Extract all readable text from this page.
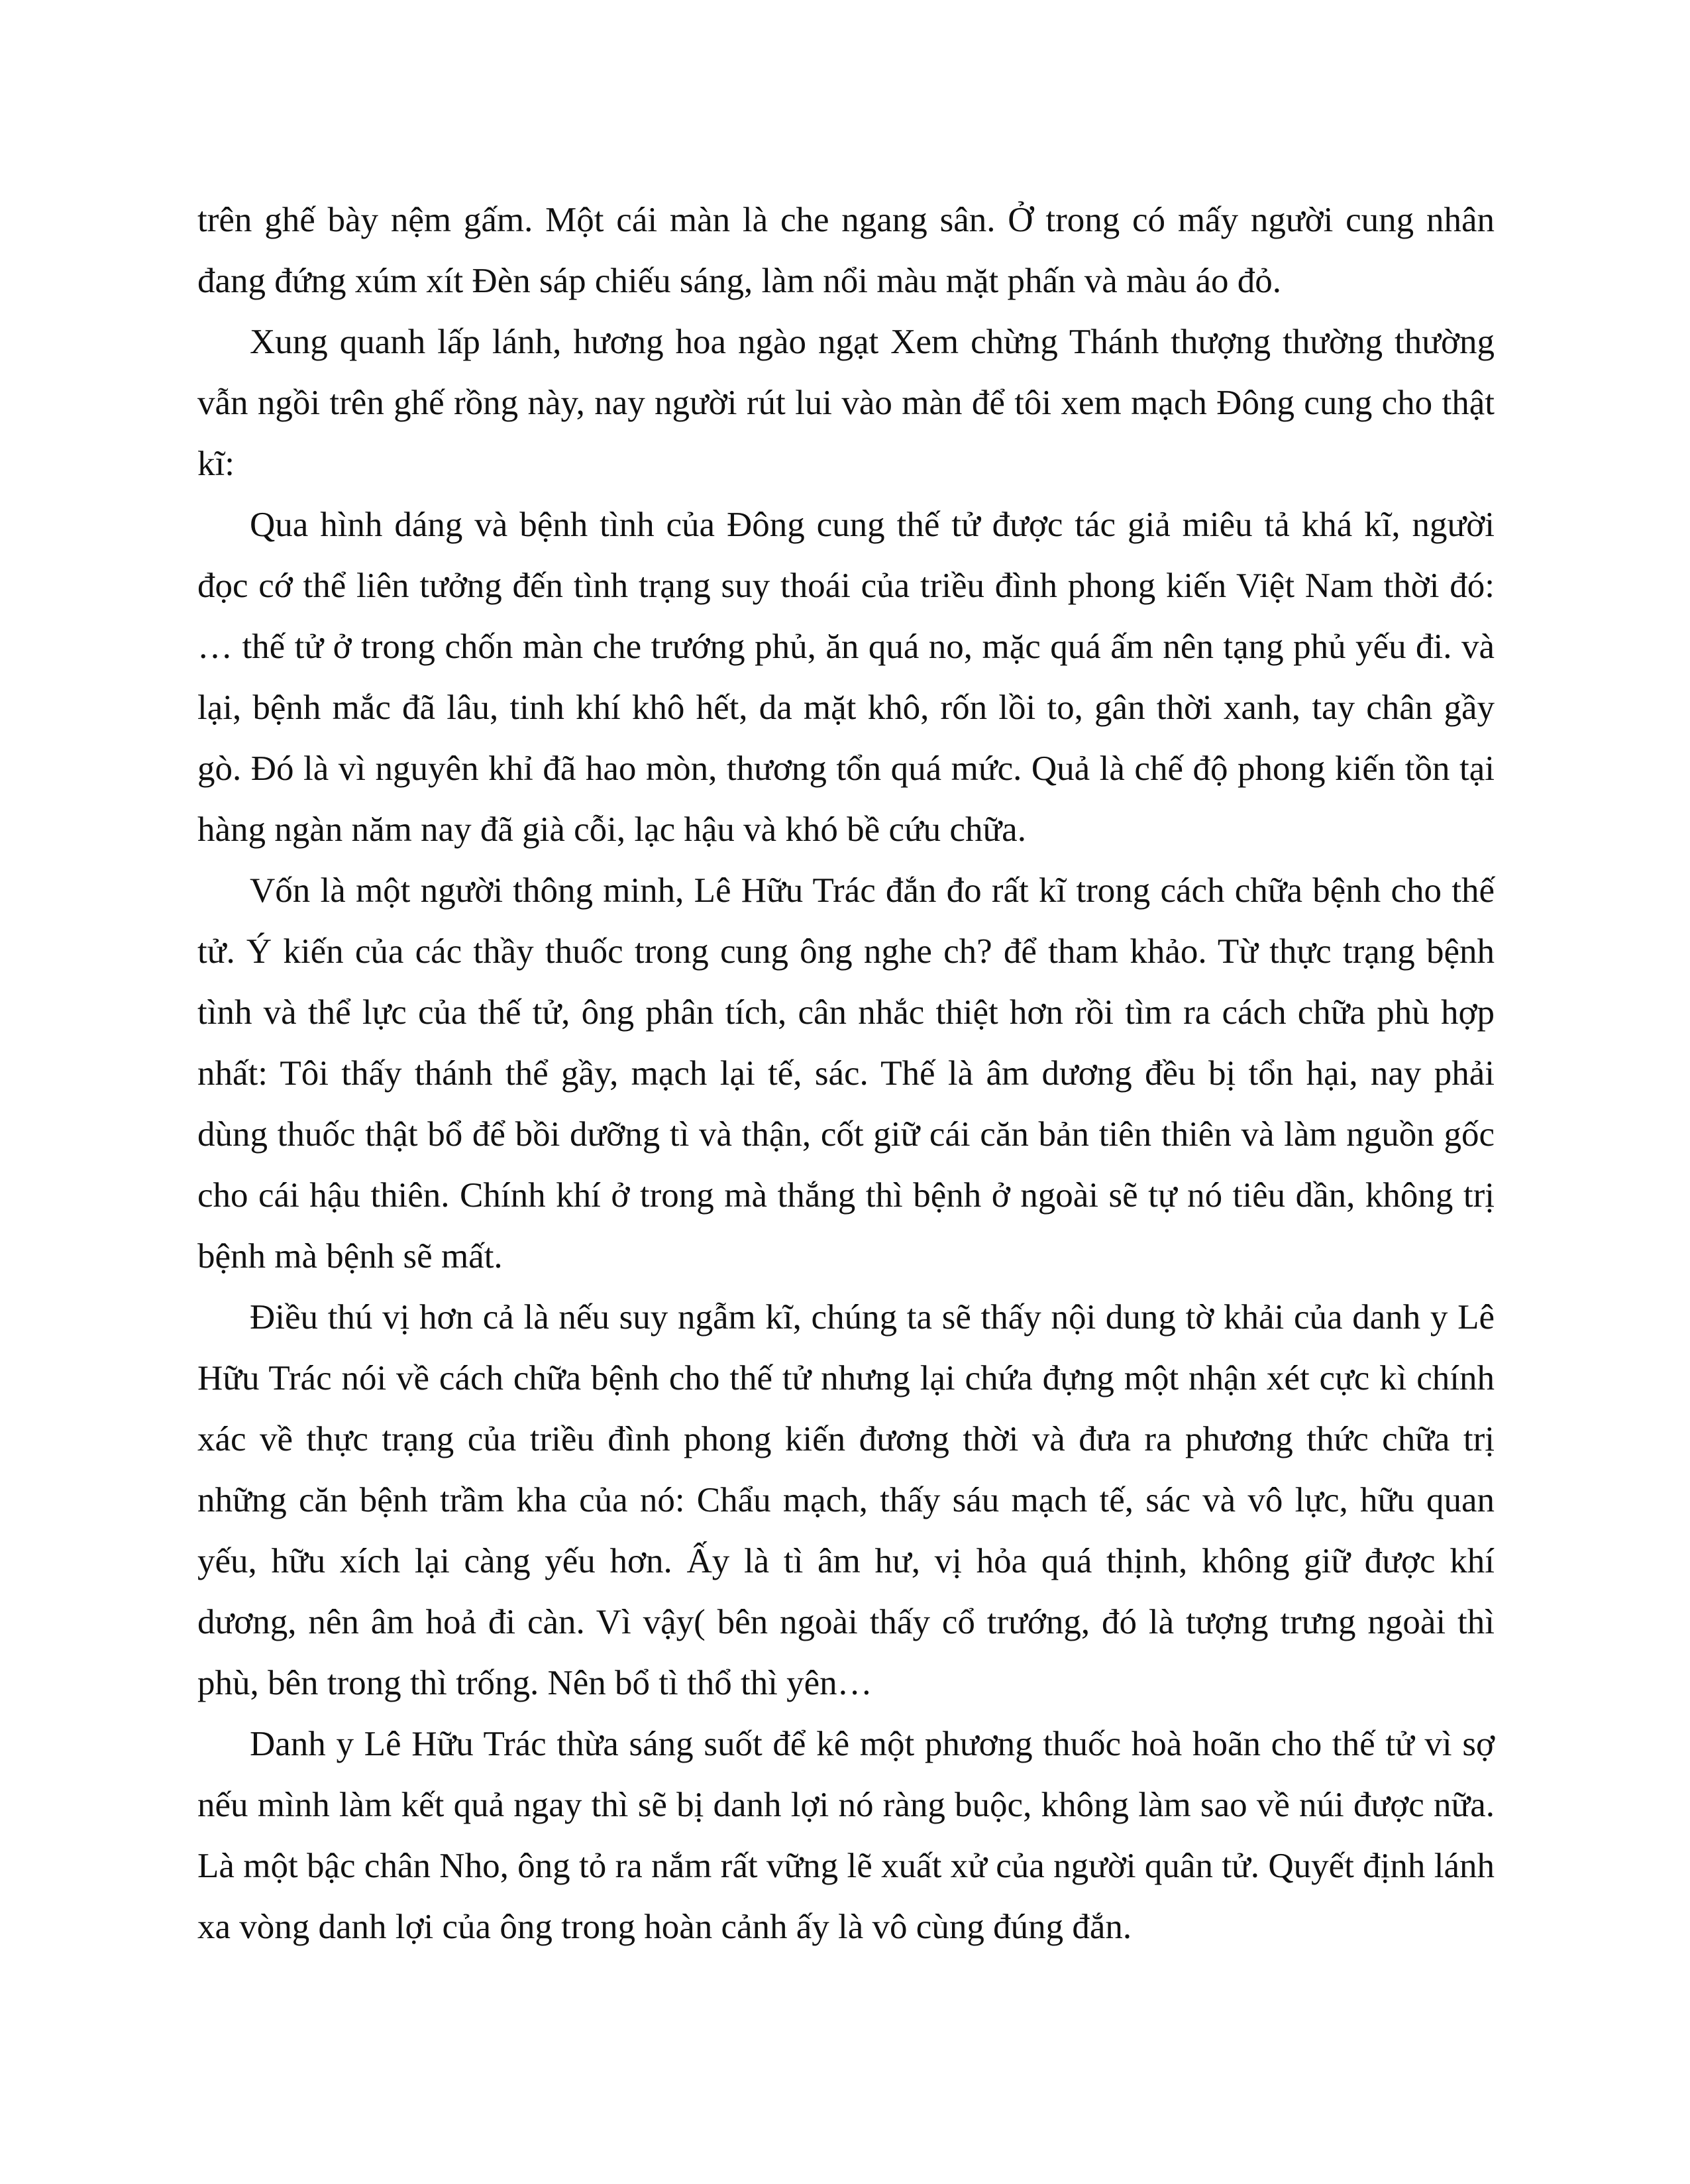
trên ghế bày nệm gấm. Một cái màn là che ngang sân. Ở trong có mấy người cung nhân đang đứng xúm xít Đèn sáp chiếu sáng, làm nổi màu mặt phấn và màu áo đỏ.

Xung quanh lấp lánh, hương hoa ngào ngạt Xem chừng Thánh thượng thường thường vẫn ngồi trên ghế rồng này, nay người rút lui vào màn để tôi xem mạch Đông cung cho thật kĩ:

Qua hình dáng và bệnh tình của Đông cung thế tử được tác giả miêu tả khá kĩ, người đọc cớ thể liên tưởng đến tình trạng suy thoái của triều đình phong kiến Việt Nam thời đó: … thế tử ở trong chốn màn che trướng phủ, ăn quá no, mặc quá ấm nên tạng phủ yếu đi. và lại, bệnh mắc đã lâu, tinh khí khô hết, da mặt khô, rốn lồi to, gân thời xanh, tay chân gầy gò. Đó là vì nguyên khỉ đã hao mòn, thương tổn quá mức. Quả là chế độ phong kiến tồn tại hàng ngàn năm nay đã già cỗi, lạc hậu và khó bề cứu chữa.

Vốn là một người thông minh, Lê Hữu Trác đắn đo rất kĩ trong cách chữa bệnh cho thế tử. Ý kiến của các thầy thuốc trong cung ông nghe ch? để tham khảo. Từ thực trạng bệnh tình và thể lực của thế tử, ông phân tích, cân nhắc thiệt hơn rồi tìm ra cách chữa phù hợp nhất: Tôi thấy thánh thể gầy, mạch lại tế, sác. Thế là âm dương đều bị tổn hại, nay phải dùng thuốc thật bổ để bồi dưỡng tì và thận, cốt giữ cái căn bản tiên thiên và làm nguồn gốc cho cái hậu thiên. Chính khí ở trong mà thắng thì bệnh ở ngoài sẽ tự nó tiêu dần, không trị bệnh mà bệnh sẽ mất.

Điều thú vị hơn cả là nếu suy ngẫm kĩ, chúng ta sẽ thấy nội dung tờ khải của danh y Lê Hữu Trác nói về cách chữa bệnh cho thế tử nhưng lại chứa đựng một nhận xét cực kì chính xác về thực trạng của triều đình phong kiến đương thời và đưa ra phương thức chữa trị những căn bệnh trầm kha của nó: Chẩu mạch, thấy sáu mạch tế, sác và vô lực, hữu quan yếu, hữu xích lại càng yếu hơn. Ấy là tì âm hư, vị hỏa quá thịnh, không giữ được khí dương, nên âm hoả đi càn. Vì vậy( bên ngoài thấy cổ trướng, đó là tượng trưng ngoài thì phù, bên trong thì trống. Nên bổ tì thổ thì yên…

Danh y Lê Hữu Trác thừa sáng suốt để kê một phương thuốc hoà hoãn cho thế tử vì sợ nếu mình làm kết quả ngay thì sẽ bị danh lợi nó ràng buộc, không làm sao về núi được nữa. Là một bậc chân Nho, ông tỏ ra nắm rất vững lẽ xuất xử của người quân tử. Quyết định lánh xa vòng danh lợi của ông trong hoàn cảnh ấy là vô cùng đúng đắn.
